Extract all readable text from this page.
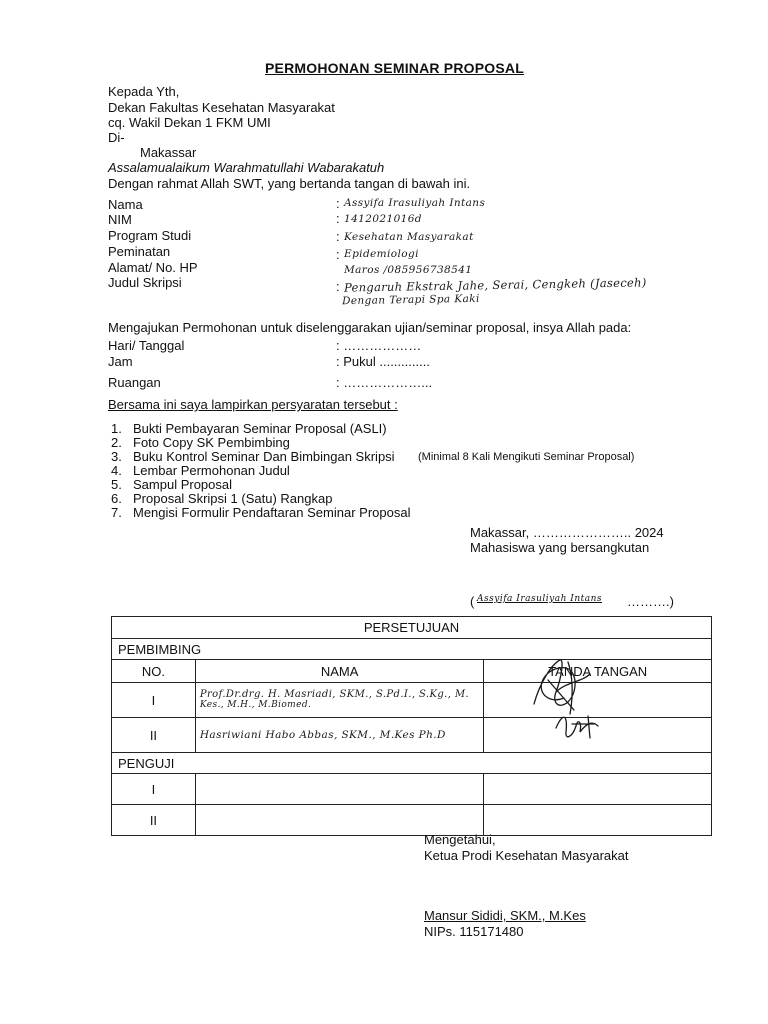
PERMOHONAN SEMINAR PROPOSAL
Kepada Yth,
Dekan Fakultas Kesehatan Masyarakat
cq. Wakil Dekan 1 FKM UMI
Di-
Makassar
Assalamualaikum Warahmatullahi Wabarakatuh
Dengan rahmat Allah SWT, yang bertanda tangan di bawah ini.
Nama	: Assyifa Irasuliyah Intans
NIM	: 1412021016d
Program Studi	: Kesehatan Masyarakat
Peminatan	: Epidemiologi
Alamat/ No. HP	Maros /085956738541
Judul Skripsi	: Pengaruh Ekstrak Jahe, Serai, Cengkeh (Jaseceh)
Dengan Terapi Spa Kaki
Mengajukan Permohonan untuk diselenggarakan ujian/seminar proposal, insya Allah pada:
Hari/ Tanggal	: ………………
Jam	: Pukul ..............
Ruangan	: ………………...
Bersama ini saya lampirkan persyaratan tersebut :
1. Bukti Pembayaran Seminar Proposal (ASLI)
2. Foto Copy SK Pembimbing
3. Buku Kontrol Seminar Dan Bimbingan Skripsi (Minimal 8 Kali Mengikuti Seminar Proposal)
4. Lembar Permohonan Judul
5. Sampul Proposal
6. Proposal Skripsi 1 (Satu) Rangkap
7. Mengisi Formulir Pendaftaran Seminar Proposal
Makassar, ………………….. 2024
Mahasiswa yang bersangkutan
( Assyifa Irasuliyah Intans ……….)
PERSETUJUAN		
PEMBIMBING		
NO.	NAMA	TANDA TANGAN
I	Prof.Dr.drg. H. Masriadi, SKM., S.Pd.I., S.Kg., M.
Kes., M.H., M.Biomed.	

II	Hasriwiani Habo Abbas, SKM., M.Kes Ph.D	

PENGUJI		
I		
II		
Mengetahui,
Ketua Prodi Kesehatan Masyarakat
Mansur Sididi, SKM., M.Kes
NIPs. 115171480
